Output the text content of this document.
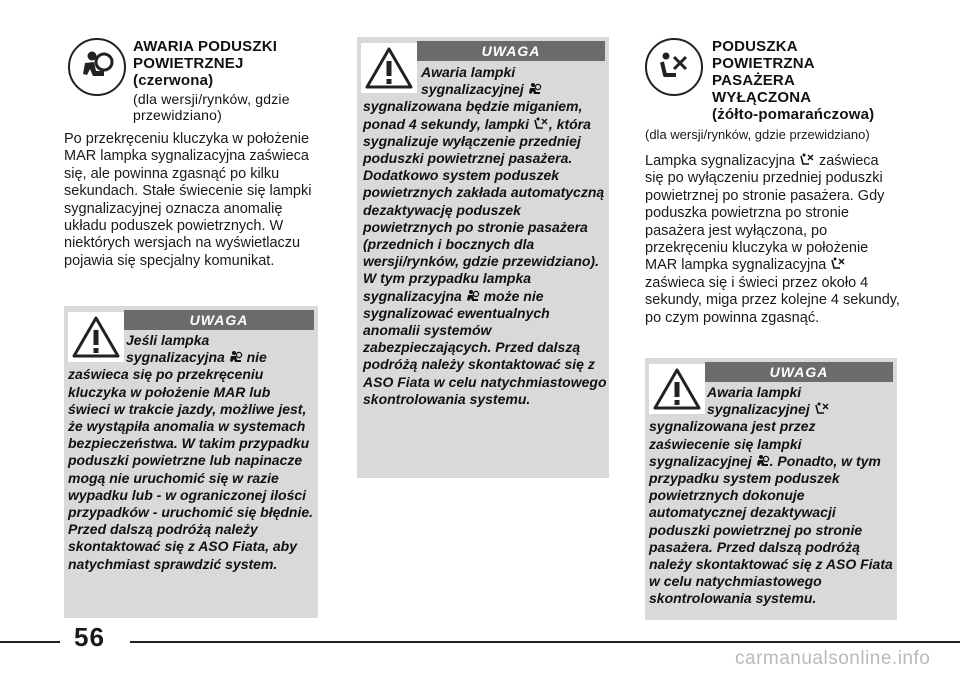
AWARIA PODUSZKI
POWIETRZNEJ
(czerwona)
(dla wersji/rynków, gdzie
przewidziano)
Po przekręceniu kluczyka w położenie MAR lampka sygnalizacyjna zaświeca się, ale powinna zgasnąć po kilku sekundach. Stałe świecenie się lampki sygnalizacyjnej oznacza anomalię układu poduszek powietrznych. W niektórych wersjach na wyświetlaczu pojawia się specjalny komunikat.
UWAGA
Jeśli lampka
sygnalizacyjna nie
zaświeca się po przekręceniu kluczyka w położenie MAR lub świeci w trakcie jazdy, możliwe jest, że wystąpiła anomalia w systemach bezpieczeństwa. W takim przypadku poduszki powietrzne lub napinacze mogą nie uruchomić się w razie wypadku lub - w ograniczonej ilości przypadków - uruchomić się błędnie. Przed dalszą podróżą należy skontaktować się z ASO Fiata, aby natychmiast sprawdzić system.
UWAGA
Awaria lampki
sygnalizacyjnej
sygnalizowana będzie miganiem, ponad 4 sekundy, lampki , która sygnalizuje wyłączenie przedniej poduszki powietrznej pasażera. Dodatkowo system poduszek powietrznych zakłada automatyczną dezaktywację poduszek powietrznych po stronie pasażera (przednich i bocznych dla wersji/rynków, gdzie przewidziano).
W tym przypadku lampka sygnalizacyjna może nie sygnalizować ewentualnych anomalii systemów zabezpieczających. Przed dalszą podróżą należy skontaktować się z ASO Fiata w celu natychmiastowego skontrolowania systemu.
PODUSZKA
POWIETRZNA
PASAŻERA
WYŁĄCZONA
(żółto-pomarańczowa)
(dla wersji/rynków, gdzie przewidziano)
Lampka sygnalizacyjna zaświeca się po wyłączeniu przedniej poduszki powietrznej po stronie pasażera. Gdy poduszka powietrzna po stronie pasażera jest wyłączona, po przekręceniu kluczyka w położenie MAR lampka sygnalizacyjna  zaświeca się i świeci przez około 4 sekundy, miga przez kolejne 4 sekundy, po czym powinna zgasnąć.
UWAGA
Awaria lampki
sygnalizacyjnej
sygnalizowana jest przez zaświecenie się lampki sygnalizacyjnej . Ponadto, w tym przypadku system poduszek powietrznych dokonuje automatycznej dezaktywacji poduszki powietrznej po stronie pasażera. Przed dalszą podróżą należy skontaktować się z ASO Fiata w celu natychmiastowego skontrolowania systemu.
56
carmanualsonline.info
